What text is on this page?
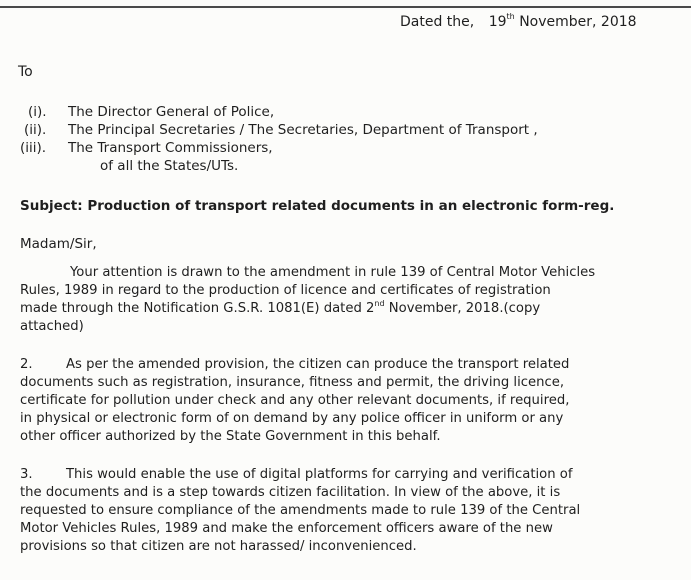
Dated the, 19th November, 2018
To
(i). The Director General of Police,
(ii). The Principal Secretaries / The Secretaries, Department of Transport ,
(iii). The Transport Commissioners,
of all the States/UTs.
Subject: Production of transport related documents in an electronic form-reg.
Madam/Sir,
Your attention is drawn to the amendment in rule 139 of Central Motor Vehicles
Rules, 1989 in regard to the production of licence and certificates of registration
made through the Notification G.S.R. 1081(E) dated 2nd November, 2018.(copy
attached)
2.	As per the amended provision, the citizen can produce the transport related
documents such as registration, insurance, fitness and permit, the driving licence,
certificate for pollution under check and any other relevant documents, if required,
in physical or electronic form of on demand by any police officer in uniform or any
other officer authorized by the State Government in this behalf.
3.	This would enable the use of digital platforms for carrying and verification of
the documents and is a step towards citizen facilitation. In view of the above, it is
requested to ensure compliance of the amendments made to rule 139 of the Central
Motor Vehicles Rules, 1989 and make the enforcement officers aware of the new
provisions so that citizen are not harassed/ inconvenienced.
